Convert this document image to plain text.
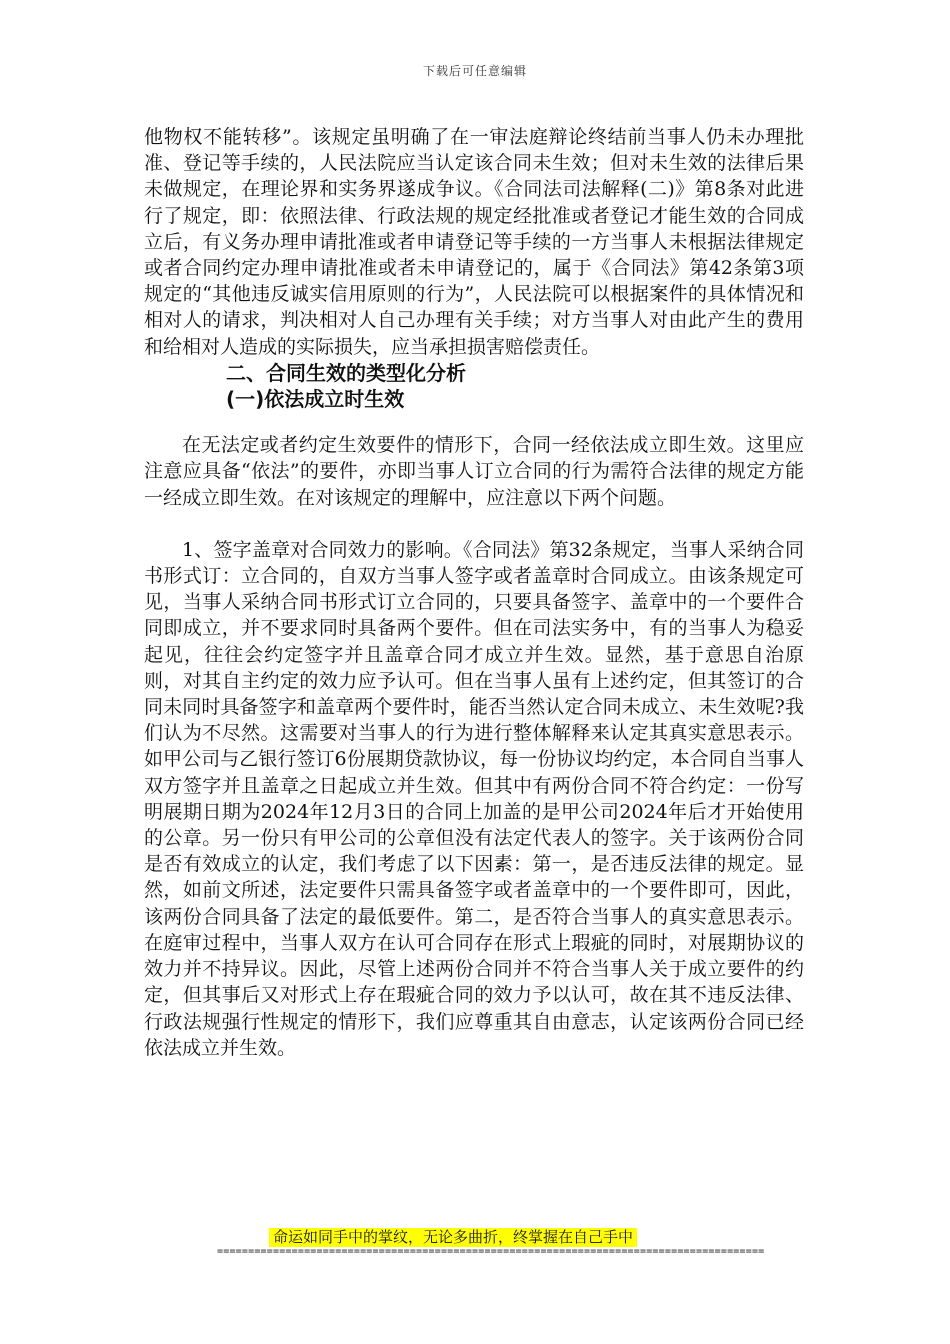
下载后可任意编辑

他物权不能转移”。该规定虽明确了在一审法庭辩论终结前当事人仍未办理批准、登记等手续的，人民法院应当认定该合同未生效；但对未生效的法律后果未做规定，在理论界和实务界遂成争议。《合同法司法解释(二)》第8条对此进行了规定，即：依照法律、行政法规的规定经批准或者登记才能生效的合同成立后，有义务办理申请批准或者申请登记等手续的一方当事人未根据法律规定或者合同约定办理申请批准或者未申请登记的，属于《合同法》第42条第3项规定的“其他违反诚实信用原则的行为”，人民法院可以根据案件的具体情况和相对人的请求，判决相对人自己办理有关手续；对方当事人对由此产生的费用和给相对人造成的实际损失，应当承担损害赔偿责任。

二、合同生效的类型化分析

(一)依法成立时生效

在无法定或者约定生效要件的情形下，合同一经依法成立即生效。这里应注意应具备“依法”的要件，亦即当事人订立合同的行为需符合法律的规定方能一经成立即生效。在对该规定的理解中，应注意以下两个问题。

1、签字盖章对合同效力的影响。《合同法》第32条规定，当事人采纳合同书形式订：立合同的，自双方当事人签字或者盖章时合同成立。由该条规定可见，当事人采纳合同书形式订立合同的，只要具备签字、盖章中的一个要件合同即成立，并不要求同时具备两个要件。但在司法实务中，有的当事人为稳妥起见，往往会约定签字并且盖章合同才成立并生效。显然，基于意思自治原则，对其自主约定的效力应予认可。但在当事人虽有上述约定，但其签订的合同未同时具备签字和盖章两个要件时，能否当然认定合同未成立、未生效呢?我们认为不尽然。这需要对当事人的行为进行整体解释来认定其真实意思表示。如甲公司与乙银行签订6份展期贷款协议，每一份协议均约定，本合同自当事人双方签字并且盖章之日起成立并生效。但其中有两份合同不符合约定：一份写明展期日期为2024年12月3日的合同上加盖的是甲公司2024年后才开始使用的公章。另一份只有甲公司的公章但没有法定代表人的签字。关于该两份合同是否有效成立的认定，我们考虑了以下因素：第一，是否违反法律的规定。显然，如前文所述，法定要件只需具备签字或者盖章中的一个要件即可，因此，该两份合同具备了法定的最低要件。第二，是否符合当事人的真实意思表示。在庭审过程中，当事人双方在认可合同存在形式上瑕疵的同时，对展期协议的效力并不持异议。因此，尽管上述两份合同并不符合当事人关于成立要件的约定，但其事后又对形式上存在瑕疵合同的效力予以认可，故在其不违反法律、行政法规强行性规定的情形下，我们应尊重其自由意志，认定该两份合同已经依法成立并生效。

命运如同手中的掌纹，无论多曲折，终掌握在自己手中
========================================================================================
